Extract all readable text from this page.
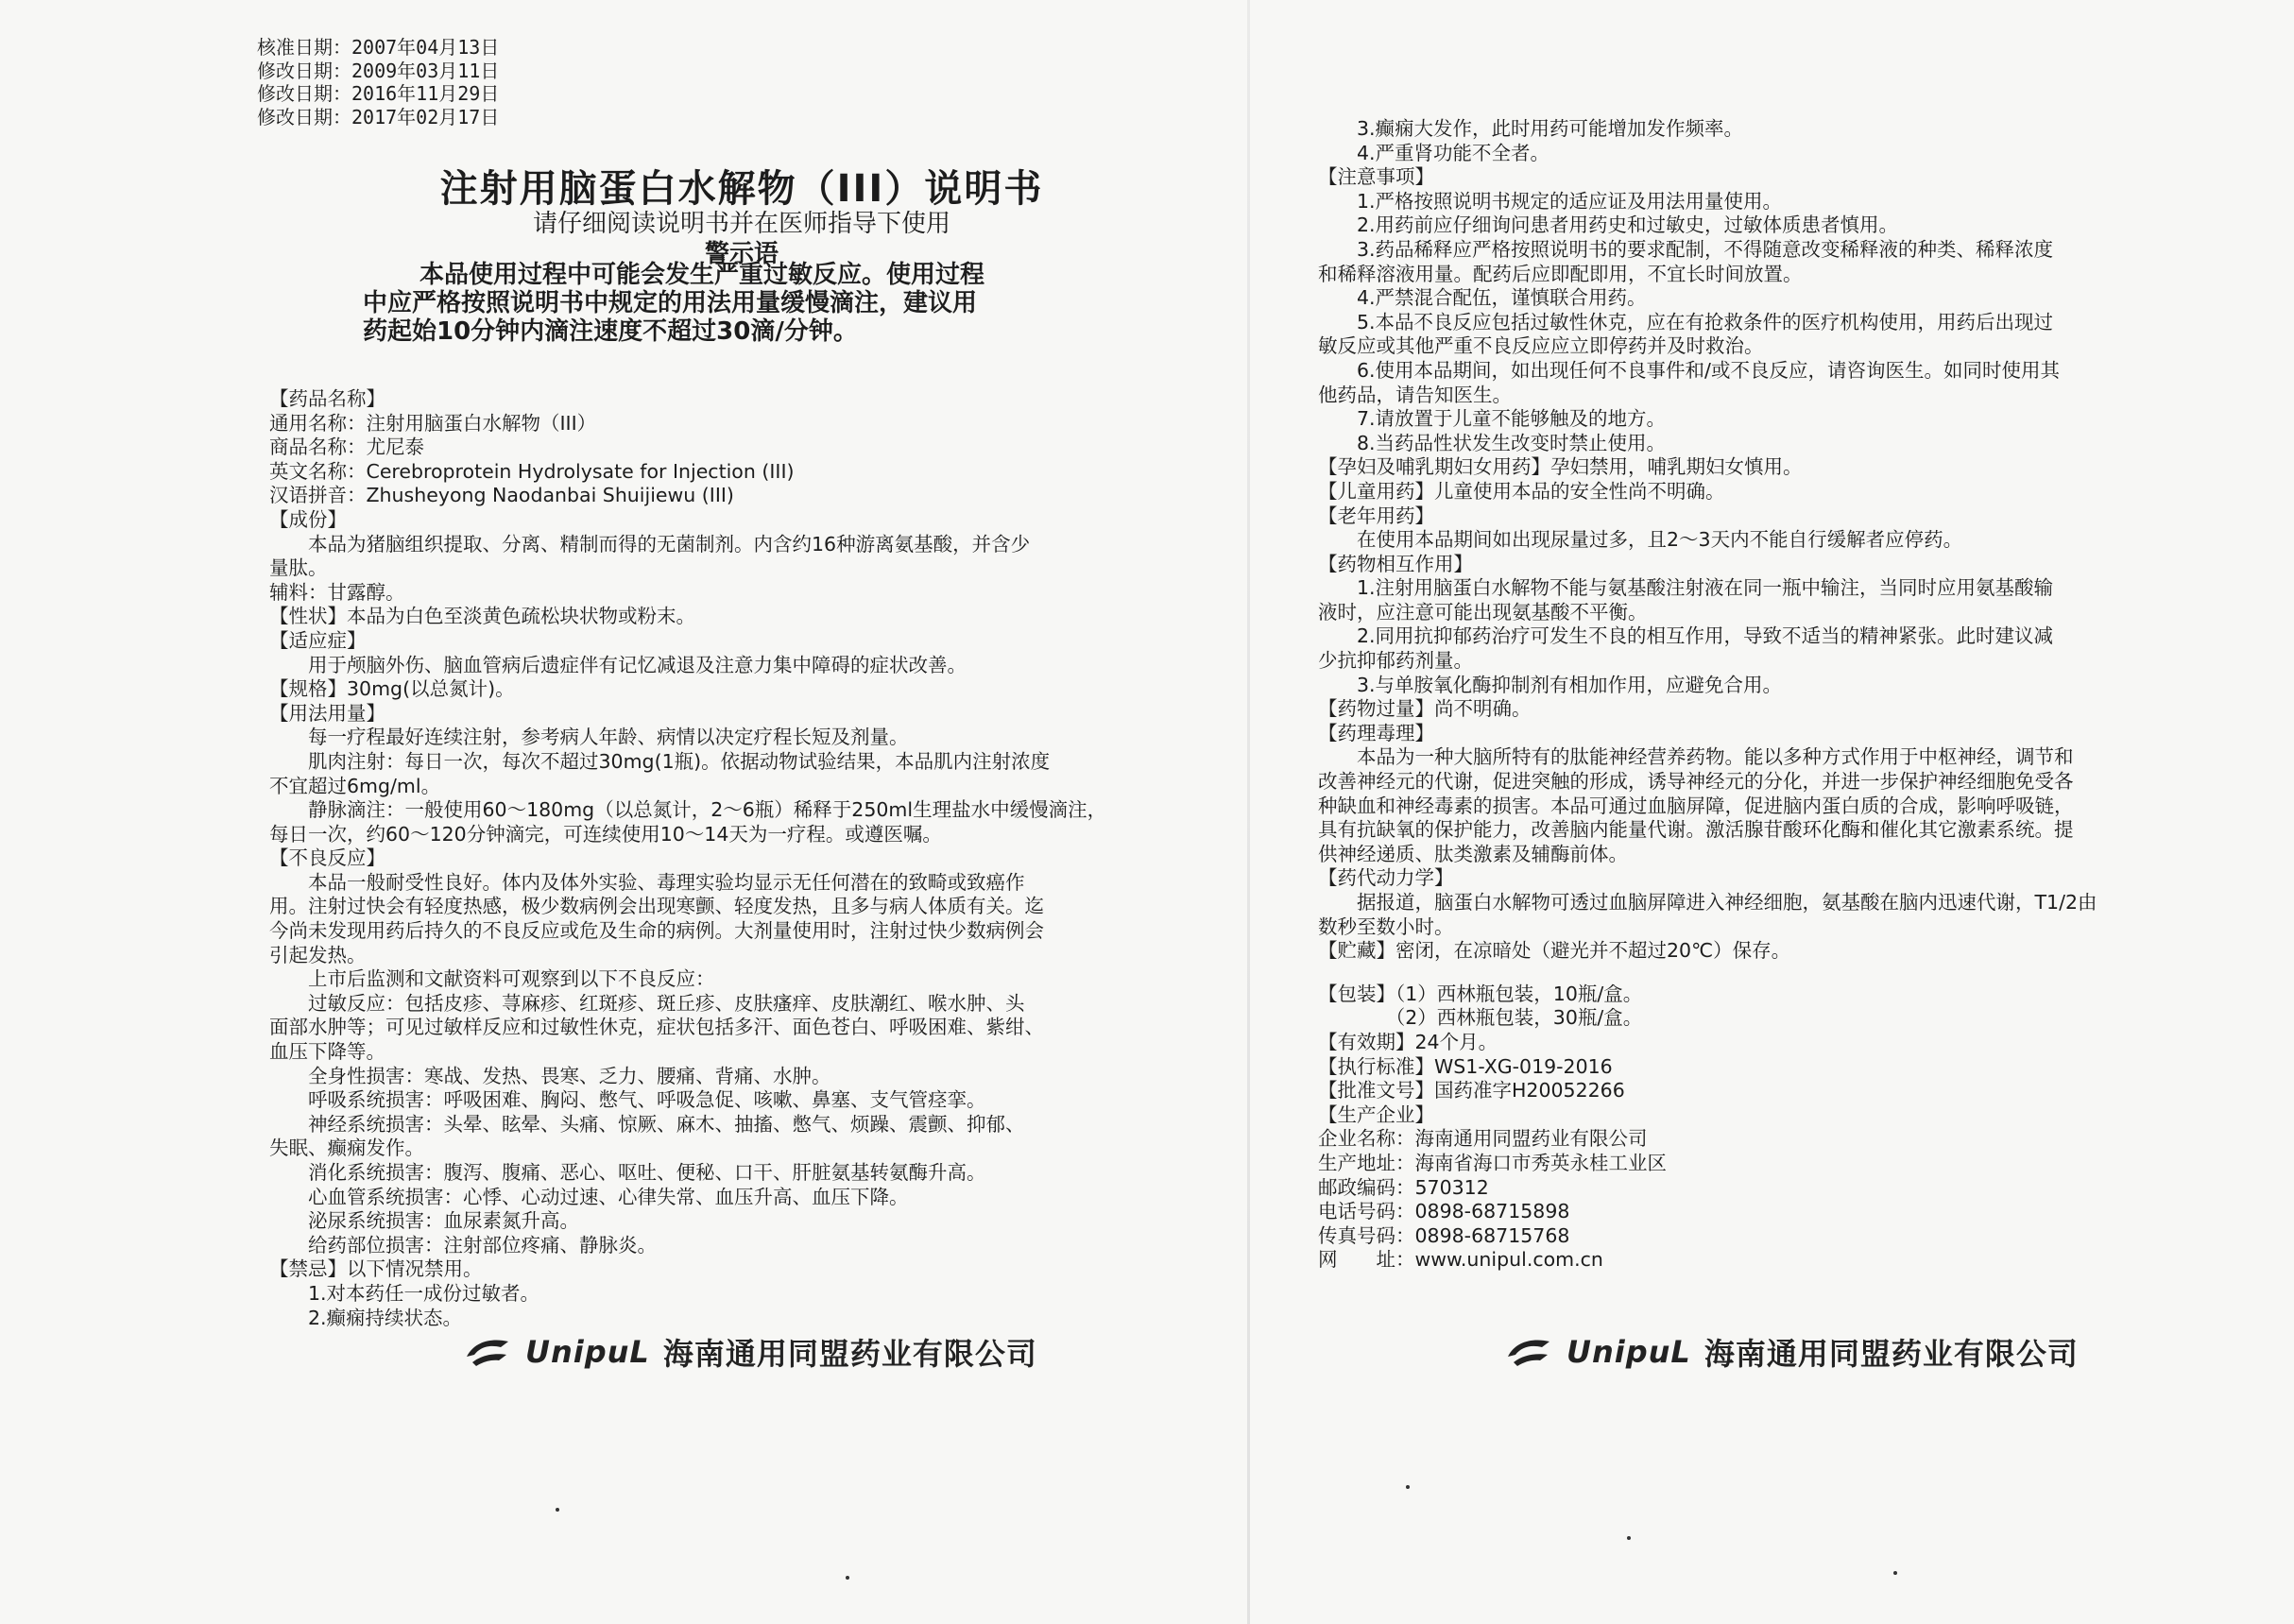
核准日期：2007年04月13日
修改日期：2009年03月11日
修改日期：2016年11月29日
修改日期：2017年02月17日
注射用脑蛋白水解物（III）说明书
请仔细阅读说明书并在医师指导下使用
警示语
本品使用过程中可能会发生严重过敏反应。使用过程
中应严格按照说明书中规定的用法用量缓慢滴注，建议用
药起始10分钟内滴注速度不超过30滴/分钟。
【药品名称】
通用名称：注射用脑蛋白水解物（III）
商品名称：尤尼泰
英文名称：Cerebroprotein Hydrolysate for Injection (III)
汉语拼音：Zhusheyong Naodanbai Shuijiewu (III)
【成份】
　　本品为猪脑组织提取、分离、精制而得的无菌制剂。内含约16种游离氨基酸，并含少
量肽。
辅料：甘露醇。
【性状】本品为白色至淡黄色疏松块状物或粉末。
【适应症】
　　用于颅脑外伤、脑血管病后遗症伴有记忆减退及注意力集中障碍的症状改善。
【规格】30mg(以总氮计)。
【用法用量】
　　每一疗程最好连续注射，参考病人年龄、病情以决定疗程长短及剂量。
　　肌肉注射：每日一次，每次不超过30mg(1瓶)。依据动物试验结果，本品肌内注射浓度
不宜超过6mg/ml。
　　静脉滴注：一般使用60～180mg（以总氮计，2～6瓶）稀释于250ml生理盐水中缓慢滴注，
每日一次，约60～120分钟滴完，可连续使用10～14天为一疗程。或遵医嘱。
【不良反应】
　　本品一般耐受性良好。体内及体外实验、毒理实验均显示无任何潜在的致畸或致癌作
用。注射过快会有轻度热感，极少数病例会出现寒颤、轻度发热，且多与病人体质有关。迄
今尚未发现用药后持久的不良反应或危及生命的病例。大剂量使用时，注射过快少数病例会
引起发热。
　　上市后监测和文献资料可观察到以下不良反应：
　　过敏反应：包括皮疹、荨麻疹、红斑疹、斑丘疹、皮肤瘙痒、皮肤潮红、喉水肿、头
面部水肿等；可见过敏样反应和过敏性休克，症状包括多汗、面色苍白、呼吸困难、紫绀、
血压下降等。
　　全身性损害：寒战、发热、畏寒、乏力、腰痛、背痛、水肿。
　　呼吸系统损害：呼吸困难、胸闷、憋气、呼吸急促、咳嗽、鼻塞、支气管痉挛。
　　神经系统损害：头晕、眩晕、头痛、惊厥、麻木、抽搐、憋气、烦躁、震颤、抑郁、
失眠、癫痫发作。
　　消化系统损害：腹泻、腹痛、恶心、呕吐、便秘、口干、肝脏氨基转氨酶升高。
　　心血管系统损害：心悸、心动过速、心律失常、血压升高、血压下降。
　　泌尿系统损害：血尿素氮升高。
　　给药部位损害：注射部位疼痛、静脉炎。
【禁忌】以下情况禁用。
　　1.对本药任一成份过敏者。
　　2.癫痫持续状态。
UnipuL 海南通用同盟药业有限公司
　　3.癫痫大发作，此时用药可能增加发作频率。
　　4.严重肾功能不全者。
【注意事项】
　　1.严格按照说明书规定的适应证及用法用量使用。
　　2.用药前应仔细询问患者用药史和过敏史，过敏体质患者慎用。
　　3.药品稀释应严格按照说明书的要求配制，不得随意改变稀释液的种类、稀释浓度
和稀释溶液用量。配药后应即配即用，不宜长时间放置。
　　4.严禁混合配伍，谨慎联合用药。
　　5.本品不良反应包括过敏性休克，应在有抢救条件的医疗机构使用，用药后出现过
敏反应或其他严重不良反应应立即停药并及时救治。
　　6.使用本品期间，如出现任何不良事件和/或不良反应，请咨询医生。如同时使用其
他药品，请告知医生。
　　7.请放置于儿童不能够触及的地方。
　　8.当药品性状发生改变时禁止使用。
【孕妇及哺乳期妇女用药】孕妇禁用，哺乳期妇女慎用。
【儿童用药】儿童使用本品的安全性尚不明确。
【老年用药】
　　在使用本品期间如出现尿量过多，且2～3天内不能自行缓解者应停药。
【药物相互作用】
　　1.注射用脑蛋白水解物不能与氨基酸注射液在同一瓶中输注，当同时应用氨基酸输
液时，应注意可能出现氨基酸不平衡。
　　2.同用抗抑郁药治疗可发生不良的相互作用，导致不适当的精神紧张。此时建议减
少抗抑郁药剂量。
　　3.与单胺氧化酶抑制剂有相加作用，应避免合用。
【药物过量】尚不明确。
【药理毒理】
　　本品为一种大脑所特有的肽能神经营养药物。能以多种方式作用于中枢神经，调节和
改善神经元的代谢，促进突触的形成，诱导神经元的分化，并进一步保护神经细胞免受各
种缺血和神经毒素的损害。本品可通过血脑屏障，促进脑内蛋白质的合成，影响呼吸链，
具有抗缺氧的保护能力，改善脑内能量代谢。激活腺苷酸环化酶和催化其它激素系统。提
供神经递质、肽类激素及辅酶前体。
【药代动力学】
　　据报道，脑蛋白水解物可透过血脑屏障进入神经细胞，氨基酸在脑内迅速代谢，T1/2由
数秒至数小时。
【贮藏】密闭，在凉暗处（避光并不超过20℃）保存。
【包装】（1）西林瓶包装，10瓶/盒。
　　　　（2）西林瓶包装，30瓶/盒。
【有效期】24个月。
【执行标准】WS1-XG-019-2016
【批准文号】国药准字H20052266
【生产企业】
企业名称：海南通用同盟药业有限公司
生产地址：海南省海口市秀英永桂工业区
邮政编码：570312
电话号码：0898-68715898
传真号码：0898-68715768
网　　址：www.unipul.com.cn
UnipuL 海南通用同盟药业有限公司
